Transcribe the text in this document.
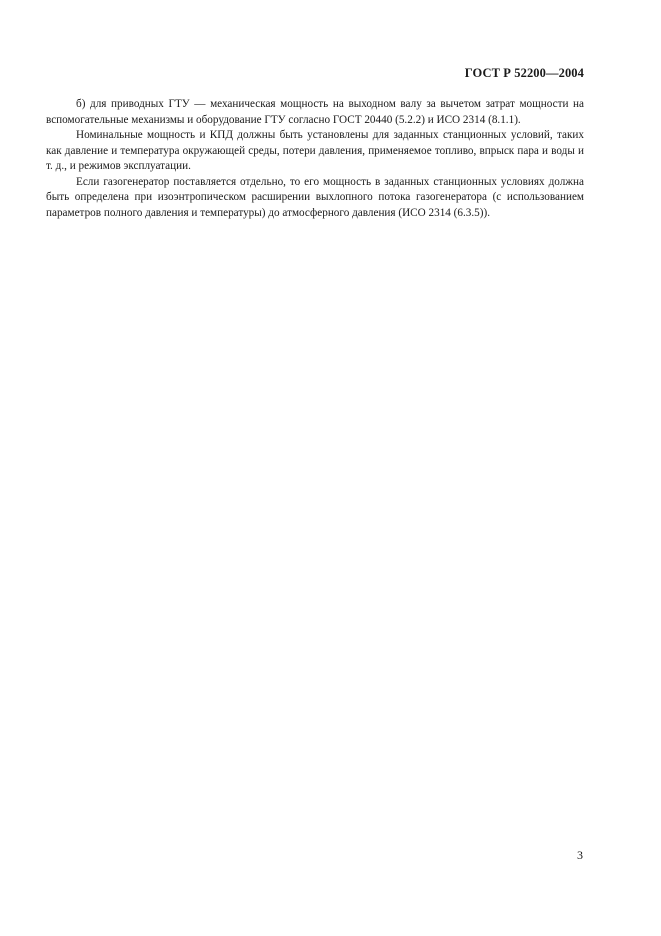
ГОСТ Р 52200—2004

б) для приводных ГТУ — механическая мощность на выходном валу за вычетом затрат мощности на вспомогательные механизмы и оборудование ГТУ согласно ГОСТ 20440 (5.2.2) и ИСО 2314 (8.1.1).

Номинальные мощность и КПД должны быть установлены для заданных станционных условий, таких как давление и температура окружающей среды, потери давления, применяемое топливо, впрыск пара и воды и т. д., и режимов эксплуатации.

Если газогенератор поставляется отдельно, то его мощность в заданных станционных условиях должна быть определена при изоэнтропическом расширении выхлопного потока газогенератора (с использованием параметров полного давления и температуры) до атмосферного давления (ИСО 2314 (6.3.5)).

3
